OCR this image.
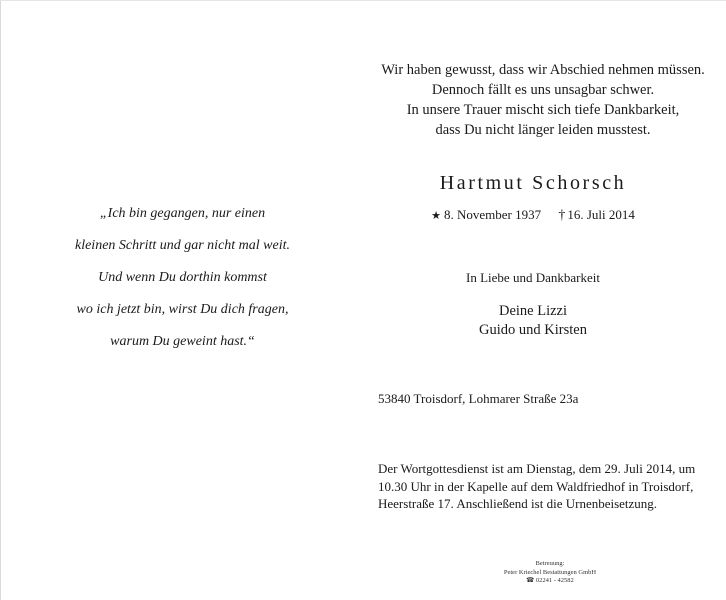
„Ich bin gegangen, nur einen
kleinen Schritt und gar nicht mal weit.
Und wenn Du dorthin kommst
wo ich jetzt bin, wirst Du dich fragen,
warum Du geweint hast.“
Wir haben gewusst, dass wir Abschied nehmen müssen.
Dennoch fällt es uns unsagbar schwer.
In unsere Trauer mischt sich tiefe Dankbarkeit,
dass Du nicht länger leiden musstest.
Hartmut Schorsch
★ 8. November 1937 † 16. Juli 2014
In Liebe und Dankbarkeit
Deine Lizzi
Guido und Kirsten
53840 Troisdorf, Lohmarer Straße 23a
Der Wortgottesdienst ist am Dienstag, dem 29. Juli 2014, um
10.30 Uhr in der Kapelle auf dem Waldfriedhof in Troisdorf,
Heerstraße 17. Anschließend ist die Urnenbeisetzung.
Betreuung:
Peter Kriechel Bestattungen GmbH
☎ 02241 - 42582
